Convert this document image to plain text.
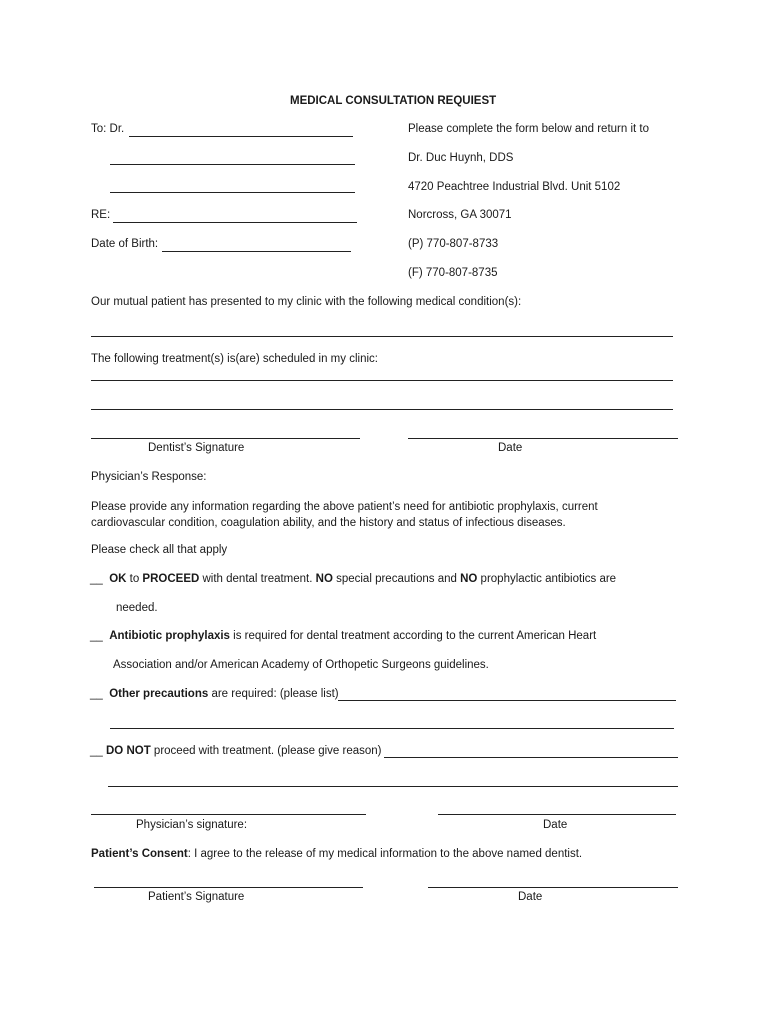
MEDICAL CONSULTATION REQUIEST
To: Dr.
RE:
Date of Birth:
Please complete the form below and return it to
Dr. Duc Huynh, DDS
4720 Peachtree Industrial Blvd. Unit 5102
Norcross, GA 30071
(P) 770-807-8733
(F) 770-807-8735
Our mutual patient has presented to my clinic with the following medical condition(s):
The following treatment(s) is(are) scheduled in my clinic:
Dentist’s Signature	Date
Physician’s Response:
Please provide any information regarding the above patient’s need for antibiotic prophylaxis, current cardiovascular condition, coagulation ability, and the history and status of infectious diseases.
Please check all that apply
__ OK to PROCEED with dental treatment. NO special precautions and NO prophylactic antibiotics are
needed.
__ Antibiotic prophylaxis is required for dental treatment according to the current American Heart
Association and/or American Academy of Orthopetic Surgeons guidelines.
__ Other precautions are required: (please list)
__ DO NOT proceed with treatment. (please give reason)
Physician’s signature:	Date
Patient’s Consent: I agree to the release of my medical information to the above named dentist.
Patient’s Signature	Date
